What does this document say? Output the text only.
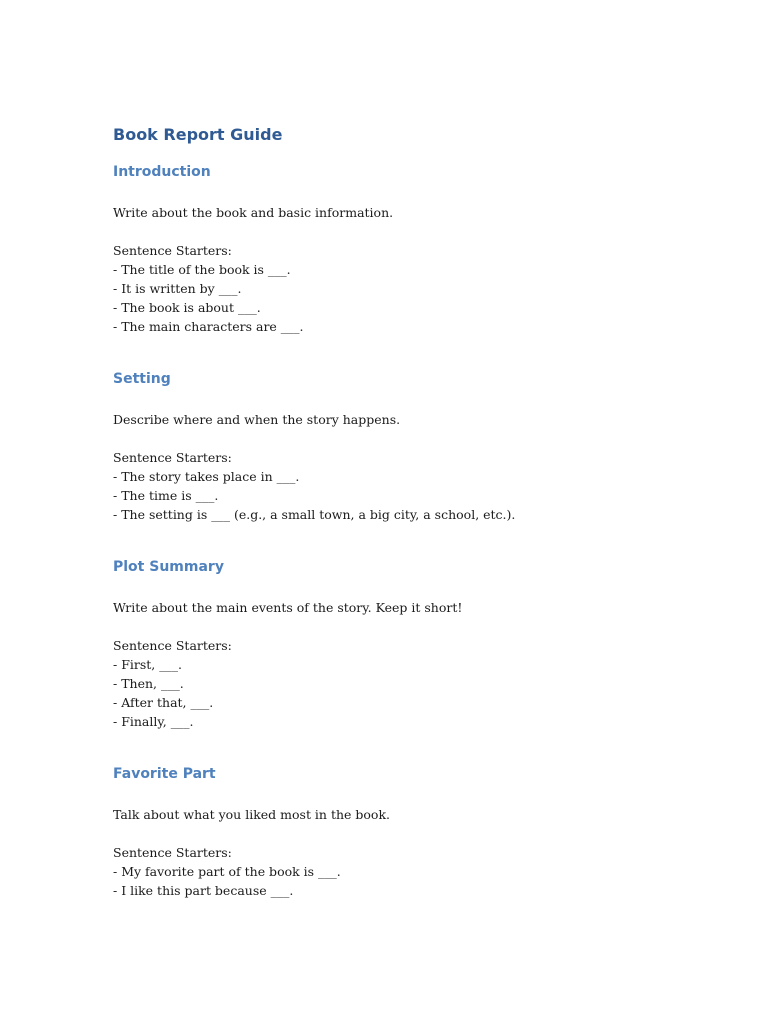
Book Report Guide
Introduction

Write about the book and basic information.

Sentence Starters:

- The title of the book is ___.

- It is written by ___.

- The book is about ___.

- The main characters are ___.

Setting

Describe where and when the story happens.

Sentence Starters:

- The story takes place in ___.

- The time is ___.

- The setting is ___ (e.g., a small town, a big city, a school, etc.).

Plot Summary

Write about the main events of the story. Keep it short!

Sentence Starters:

- First, ___.

- Then, ___.

- After that, ___.

- Finally, ___.

Favorite Part

Talk about what you liked most in the book.

Sentence Starters:

- My favorite part of the book is ___.

- I like this part because ___.
